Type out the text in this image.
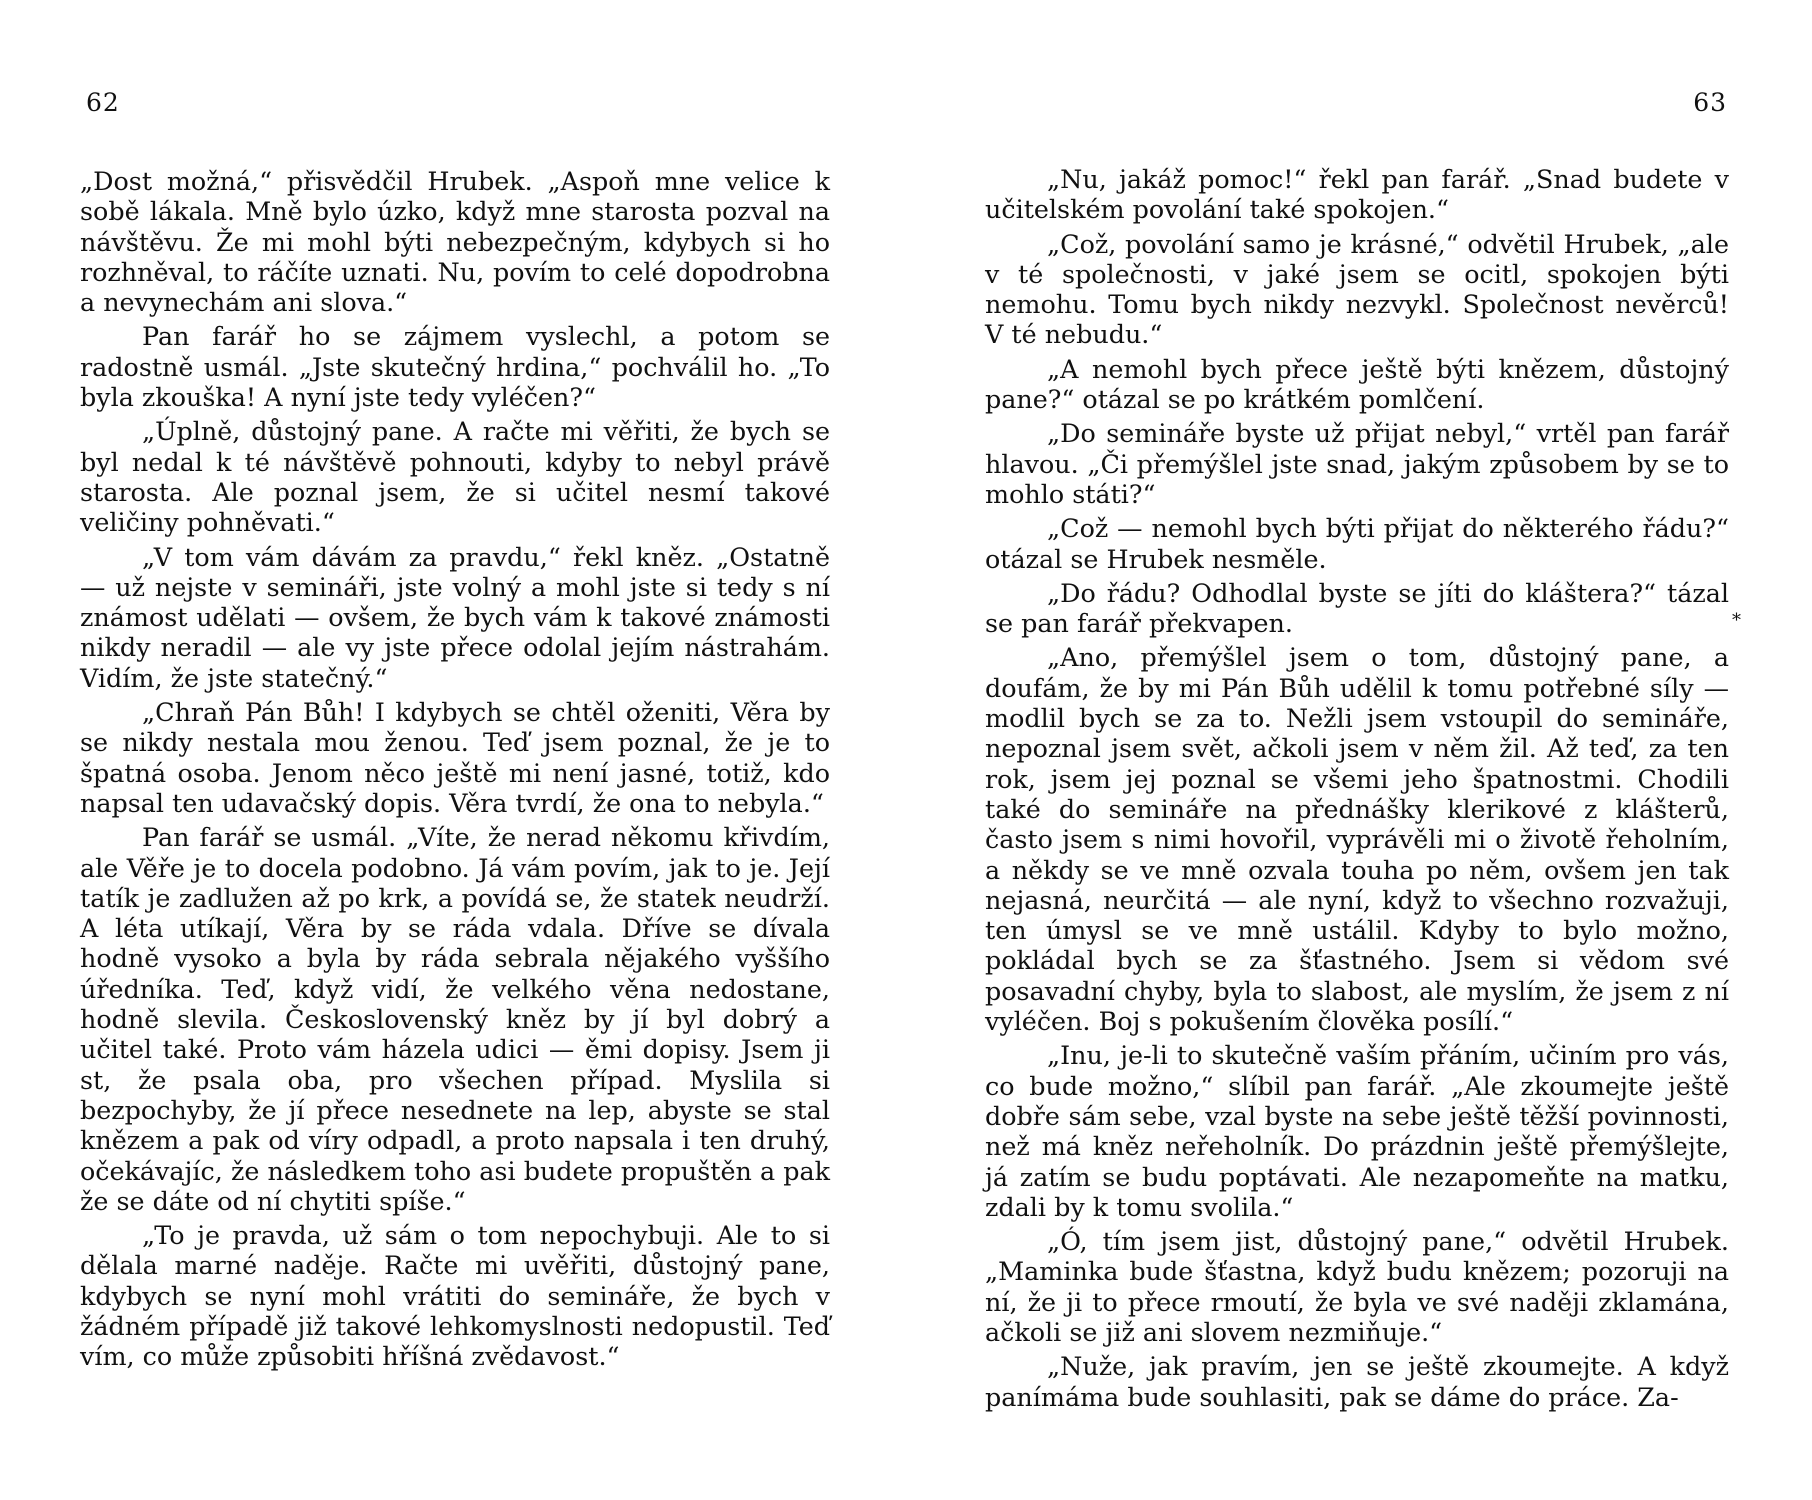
62

„Dost možná,“ přisvědčil Hrubek. „Aspoň mne velice k sobě lákala. Mně bylo úzko, když mne starosta pozval na návštěvu. Že mi mohl býti nebezpečným, kdybych si ho rozhněval, to ráčíte uznati. Nu, povím to celé dopodrobna a nevynechám ani slova.“

Pan farář ho se zájmem vyslechl, a potom se radostně usmál. „Jste skutečný hrdina,“ pochválil ho. „To byla zkouška! A nyní jste tedy vyléčen?“

„Úplně, důstojný pane. A račte mi věřiti, že bych se byl nedal k té návštěvě pohnouti, kdyby to nebyl právě starosta. Ale poznal jsem, že si učitel nesmí takové veličiny pohněvati.“

„V tom vám dávám za pravdu,“ řekl kněz. „Ostatně — už nejste v semináři, jste volný a mohl jste si tedy s ní známost udělati — ovšem, že bych vám k takové známosti nikdy neradil — ale vy jste přece odolal jejím nástrahám. Vidím, že jste statečný.“

„Chraň Pán Bůh! I kdybych se chtěl oženiti, Věra by se nikdy nestala mou ženou. Teď jsem poznal, že je to špatná osoba. Jenom něco ještě mi není jasné, totiž, kdo napsal ten udavačský dopis. Věra tvrdí, že ona to nebyla.“

Pan farář se usmál. „Víte, že nerad někomu křivdím, ale Věře je to docela podobno. Já vám povím, jak to je. Její tatík je zadlužen až po krk, a povídá se, že statek neudrží. A léta utíkají, Věra by se ráda vdala. Dříve se dívala hodně vysoko a byla by ráda sebrala nějakého vyššího úředníka. Teď, když vidí, že velkého věna nedostane, hodně slevila. Československý kněz by jí byl dobrý a učitel také. Proto vám házela udici — ěmi dopisy. Jsem ji st, že psala oba, pro všechen případ. Myslila si bezpochyby, že jí přece nesednete na lep, abyste se stal knězem a pak od víry odpadl, a proto napsala i ten druhý, očekávajíc, že následkem toho asi budete propuštěn a pak že se dáte od ní chytiti spíše.“

„To je pravda, už sám o tom nepochybuji. Ale to si dělala marné naděje. Račte mi uvěřiti, důstojný pane, kdybych se nyní mohl vrátiti do semináře, že bych v žádném případě již takové lehkomyslnosti nedopustil. Teď vím, co může způsobiti hříšná zvědavost.“

63

„Nu, jakáž pomoc!“ řekl pan farář. „Snad budete v učitelském povolání také spokojen.“

„Což, povolání samo je krásné,“ odvětil Hrubek, „ale v té společnosti, v jaké jsem se ocitl, spokojen býti nemohu. Tomu bych nikdy nezvykl. Společnost nevěrců! V té nebudu.“

„A nemohl bych přece ještě býti knězem, důstojný pane?“ otázal se po krátkém pomlčení.

„Do semináře byste už přijat nebyl,“ vrtěl pan farář hlavou. „Či přemýšlel jste snad, jakým způsobem by se to mohlo státi?“

„Což — nemohl bych býti přijat do některého řádu?“ otázal se Hrubek nesměle.

„Do řádu? Odhodlal byste se jíti do kláštera?“ tázal se pan farář překvapen.

„Ano, přemýšlel jsem o tom, důstojný pane, a doufám, že by mi Pán Bůh udělil k tomu potřebné síly — modlil bych se za to. Nežli jsem vstoupil do semináře, nepoznal jsem svět, ačkoli jsem v něm žil. Až teď, za ten rok, jsem jej poznal se všemi jeho špatnostmi. Chodili také do semináře na přednášky klerikové z klášterů, často jsem s nimi hovořil, vyprávěli mi o životě řeholním, a někdy se ve mně ozvala touha po něm, ovšem jen tak nejasná, neurčitá — ale nyní, když to všechno rozvažuji, ten úmysl se ve mně ustálil. Kdyby to bylo možno, pokládal bych se za šťastného. Jsem si vědom své posavadní chyby, byla to slabost, ale myslím, že jsem z ní vyléčen. Boj s pokušením člověka posílí.“

„Inu, je-li to skutečně vaším přáním, učiním pro vás, co bude možno,“ slíbil pan farář. „Ale zkoumejte ještě dobře sám sebe, vzal byste na sebe ještě těžší povinnosti, než má kněz neřeholník. Do prázdnin ještě přemýšlejte, já zatím se budu poptávati. Ale nezapomeňte na matku, zdali by k tomu svolila.“

„Ó, tím jsem jist, důstojný pane,“ odvětil Hrubek. „Maminka bude šťastna, když budu knězem; pozoruji na ní, že ji to přece rmoutí, že byla ve své naději zklamána, ačkoli se již ani slovem nezmiňuje.“

„Nuže, jak pravím, jen se ještě zkoumejte. A když panímáma bude souhlasiti, pak se dáme do práce. Za-

*
